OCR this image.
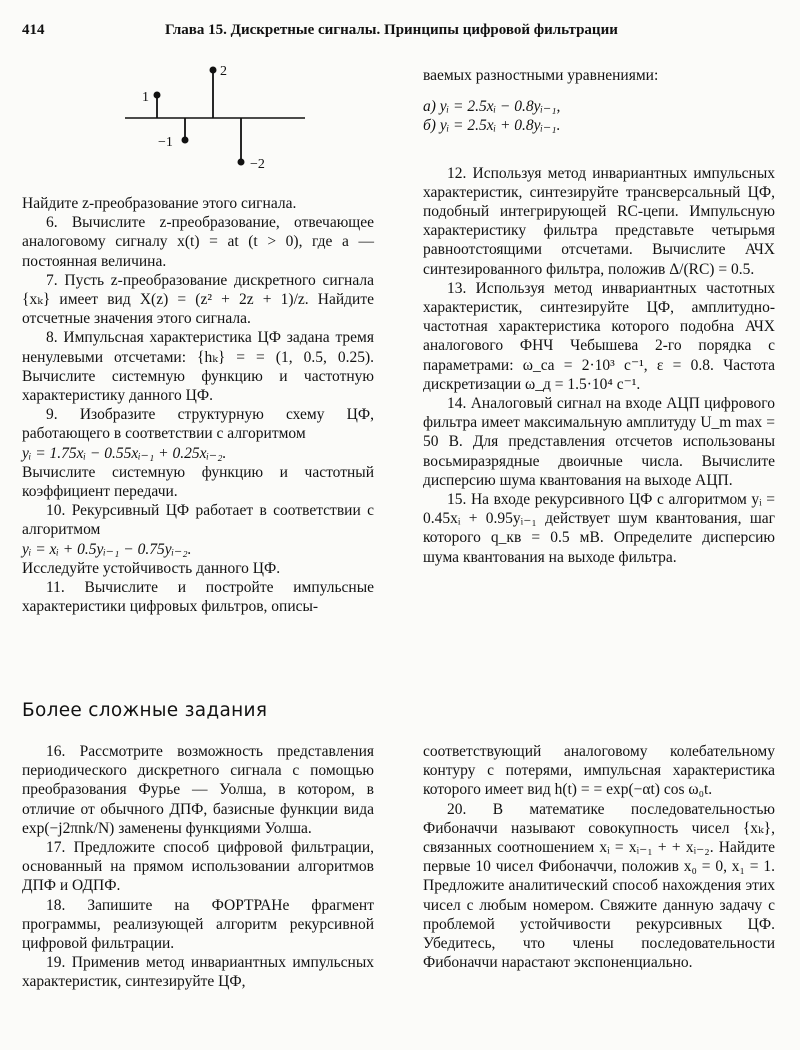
414	Глава 15. Дискретные сигналы. Принципы цифровой фильтрации
1
2
−1
−2

Найдите z-преобразование этого сигнала.

6. Вычислите z-преобразование, отвечающее аналоговому сигналу x(t) = at (t > 0), где a — постоянная величина.

7. Пусть z-преобразование дискретного сигнала {xₖ} имеет вид X(z) = (z² + 2z + 1)/z. Найдите отсчетные значения этого сигнала.

8. Импульсная характеристика ЦФ задана тремя ненулевыми отсчетами: {hₖ} = = (1, 0.5, 0.25). Вычислите системную функцию и частотную характеристику данного ЦФ.

9. Изобразите структурную схему ЦФ, работающего в соответствии с алгоритмом

yᵢ = 1.75xᵢ − 0.55xᵢ₋₁ + 0.25xᵢ₋₂.

Вычислите системную функцию и частотный коэффициент передачи.

10. Рекурсивный ЦФ работает в соответствии с алгоритмом

yᵢ = xᵢ + 0.5yᵢ₋₁ − 0.75yᵢ₋₂.

Исследуйте устойчивость данного ЦФ.

11. Вычислите и постройте импульсные характеристики цифровых фильтров, описы-

ваемых разностными уравнениями:

а) yᵢ = 2.5xᵢ − 0.8yᵢ₋₁,

б) yᵢ = 2.5xᵢ + 0.8yᵢ₋₁.

12. Используя метод инвариантных импульсных характеристик, синтезируйте трансверсальный ЦФ, подобный интегрирующей RC-цепи. Импульсную характеристику фильтра представьте четырьмя равноотстоящими отсчетами. Вычислите АЧХ синтезированного фильтра, положив Δ/(RC) = 0.5.

13. Используя метод инвариантных частотных характеристик, синтезируйте ЦФ, амплитудно-частотная характеристика которого подобна АЧХ аналогового ФНЧ Чебышева 2-го порядка с параметрами: ω_ca = 2·10³ с⁻¹, ε = 0.8. Частота дискретизации ω_д = 1.5·10⁴ с⁻¹.

14. Аналоговый сигнал на входе АЦП цифрового фильтра имеет максимальную амплитуду U_m max = 50 В. Для представления отсчетов использованы восьмиразрядные двоичные числа. Вычислите дисперсию шума квантования на выходе АЦП.

15. На входе рекурсивного ЦФ с алгоритмом yᵢ = 0.45xᵢ + 0.95yᵢ₋₁ действует шум квантования, шаг которого q_кв = 0.5 мВ. Определите дисперсию шума квантования на выходе фильтра.

Более сложные задания

16. Рассмотрите возможность представления периодического дискретного сигнала с помощью преобразования Фурье — Уолша, в котором, в отличие от обычного ДПФ, базисные функции вида exp(−j2πnk/N) заменены функциями Уолша.

17. Предложите способ цифровой фильтрации, основанный на прямом использовании алгоритмов ДПФ и ОДПФ.

18. Запишите на ФОРТРАНе фрагмент программы, реализующей алгоритм рекурсивной цифровой фильтрации.

19. Применив метод инвариантных импульсных характеристик, синтезируйте ЦФ,

соответствующий аналоговому колебательному контуру с потерями, импульсная характеристика которого имеет вид h(t) = = exp(−αt) cos ω₀t.

20. В математике последовательностью Фибоначчи называют совокупность чисел {xₖ}, связанных соотношением xᵢ = xᵢ₋₁ + + xᵢ₋₂. Найдите первые 10 чисел Фибоначчи, положив x₀ = 0, x₁ = 1. Предложите аналитический способ нахождения этих чисел с любым номером. Свяжите данную задачу с проблемой устойчивости рекурсивных ЦФ. Убедитесь, что члены последовательности Фибоначчи нарастают экспоненциально.
